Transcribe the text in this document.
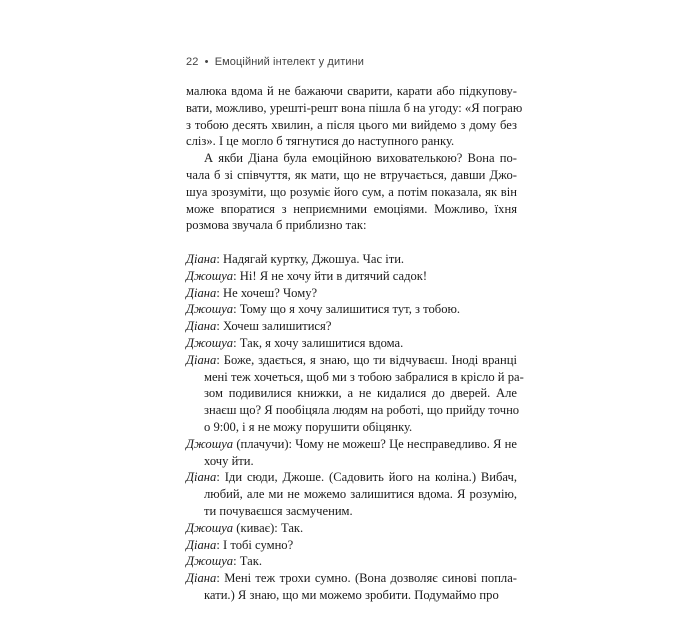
22 • Емоційний інтелект у дитини

малюка вдома й не бажаючи сварити, карати або підкупову-
вати, можливо, урешті-решт вона пішла б на угоду: «Я пограю
з тобою десять хвилин, а після цього ми вийдемо з дому без
сліз». І це могло б тягнутися до наступного ранку.

А якби Діана була емоційною вихователькою? Вона по-
чала б зі співчуття, як мати, що не втручається, давши Джо-
шуа зрозуміти, що розуміє його сум, а потім показала, як він
може впоратися з неприємними емоціями. Можливо, їхня
розмова звучала б приблизно так:

Діана: Надягай куртку, Джошуа. Час іти.
Джошуа: Ні! Я не хочу йти в дитячий садок!
Діана: Не хочеш? Чому?
Джошуа: Тому що я хочу залишитися тут, з тобою.
Діана: Хочеш залишитися?
Джошуа: Так, я хочу залишитися вдома.
Діана: Боже, здається, я знаю, що ти відчуваєш. Іноді вранці
мені теж хочеться, щоб ми з тобою забралися в крісло й ра-
зом подивилися книжки, а не кидалися до дверей. Але
знаєш що? Я пообіцяла людям на роботі, що прийду точно
о 9:00, і я не можу порушити обіцянку.
Джошуа (плачучи): Чому не можеш? Це несправедливо. Я не
хочу йти.
Діана: Іди сюди, Джоше. (Садовить його на коліна.) Вибач,
любий, але ми не можемо залишитися вдома. Я розумію,
ти почуваєшся засмученим.
Джошуа (киває): Так.
Діана: І тобі сумно?
Джошуа: Так.
Діана: Мені теж трохи сумно. (Вона дозволяє синові попла-
кати.) Я знаю, що ми можемо зробити. Подумаймо про
